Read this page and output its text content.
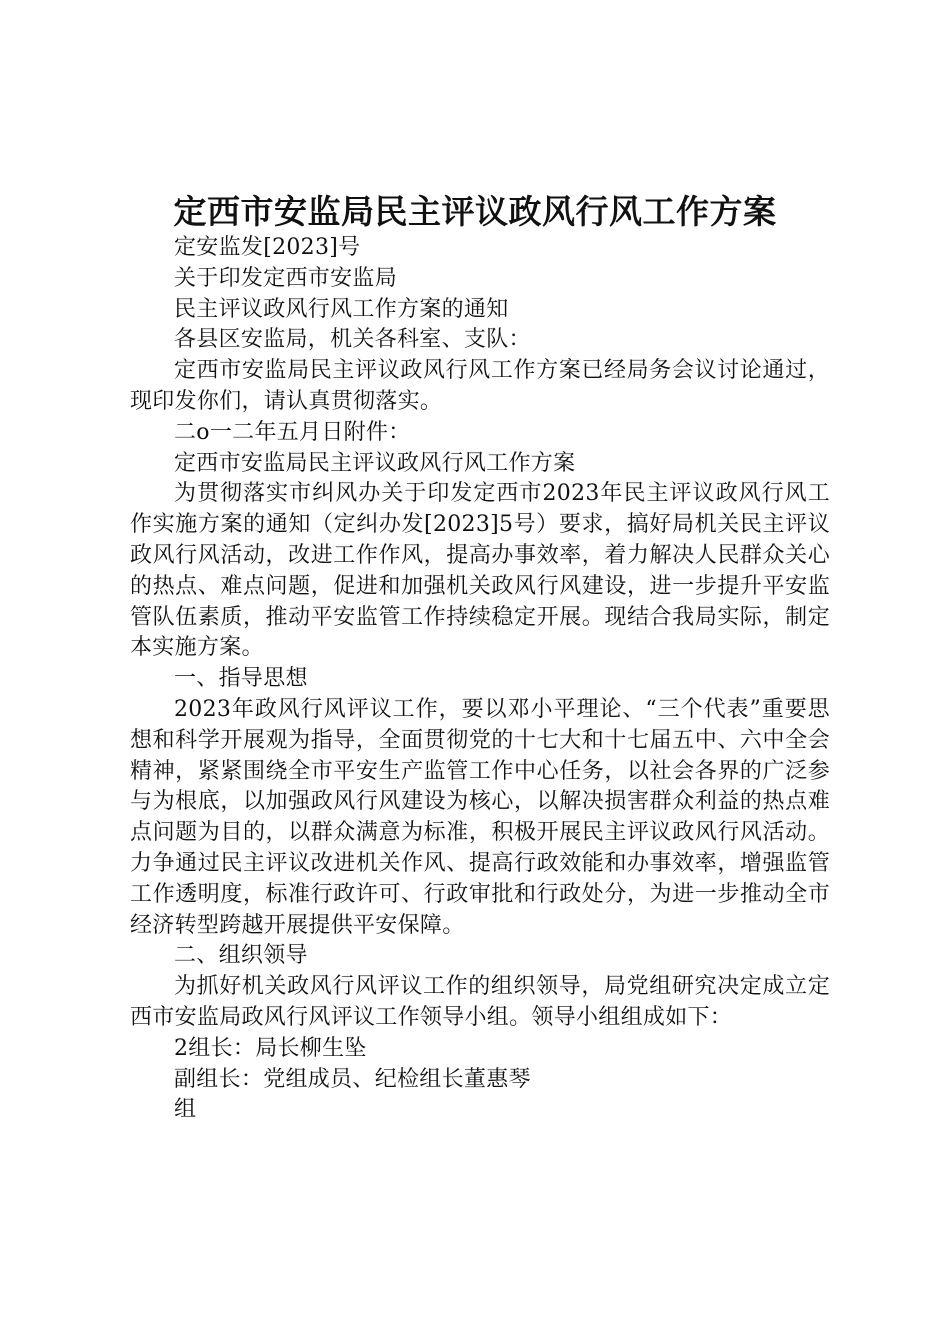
定西市安监局民主评议政风行风工作方案

定安监发[2023]号

关于印发定西市安监局

民主评议政风行风工作方案的通知

各县区安监局，机关各科室、支队：

定西市安监局民主评议政风行风工作方案已经局务会议讨论通过，现印发你们，请认真贯彻落实。

二o一二年五月日附件：

定西市安监局民主评议政风行风工作方案

为贯彻落实市纠风办关于印发定西市2023年民主评议政风行风工作实施方案的通知（定纠办发[2023]5号）要求，搞好局机关民主评议政风行风活动，改进工作作风，提高办事效率，着力解决人民群众关心的热点、难点问题，促进和加强机关政风行风建设，进一步提升平安监管队伍素质，推动平安监管工作持续稳定开展。现结合我局实际，制定本实施方案。

一、指导思想

2023年政风行风评议工作，要以邓小平理论、“三个代表”重要思想和科学开展观为指导，全面贯彻党的十七大和十七届五中、六中全会精神，紧紧围绕全市平安生产监管工作中心任务，以社会各界的广泛参与为根底，以加强政风行风建设为核心，以解决损害群众利益的热点难点问题为目的，以群众满意为标准，积极开展民主评议政风行风活动。力争通过民主评议改进机关作风、提高行政效能和办事效率，增强监管工作透明度，标准行政许可、行政审批和行政处分，为进一步推动全市经济转型跨越开展提供平安保障。

二、组织领导

为抓好机关政风行风评议工作的组织领导，局党组研究决定成立定西市安监局政风行风评议工作领导小组。领导小组组成如下：

2组长：局长柳生坠

副组长：党组成员、纪检组长董惠琴

组
